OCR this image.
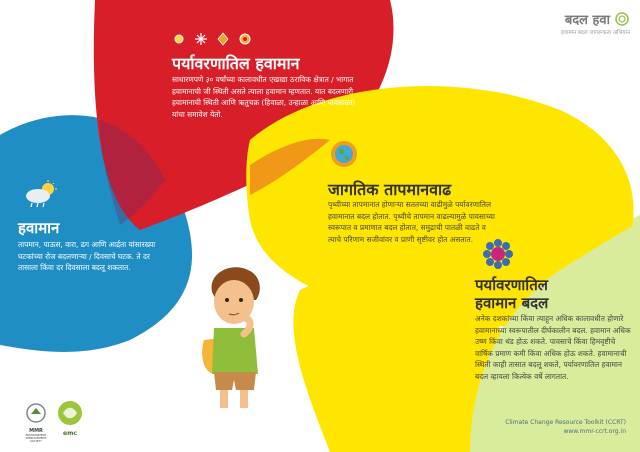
बदल हवा
हवामान बदल जागरूकता अभियान
पर्यावरणातिल हवामान
साधारणपणे ३० वर्षांच्या कालावधीत एखाद्या ठराविक क्षेत्रात / भागात हवामानाची जी स्थिती असते त्याला हवामान म्हणतात. यात बदलणारी हवामानाची स्थिती आणि ऋतुचक्र (हिवाळा, उन्हाळा आणि पावसाळा) यांचा समावेश येतो.
हवामान
तापमान, पाऊस, वारा, ढग आणि आर्द्रता यांसारख्या घटकांच्या रोज बदलणाऱ्या / दिवसाचे घटक. ते दर तासाला किंवा दर दिवसाला बदलू शकतात.
जागतिक तापमानवाढ
पृथ्वीच्या तापमानात होणाऱ्या सततच्या वाढीमुळे पर्यावरणातिल हवामानात बदल होतात. पृथ्वीचे तापमान वाढल्यामुळे पावसाच्या स्वरूपात व प्रमाणात बदल होतात, समुद्राची पातळी वाढते व त्याचे परिणाम सजीवांवर व प्राणी सृष्टीवर होत असतात.
पर्यावरणातिल
हवामान बदल
अनेक दशकांच्या किंवा त्याहून अधिक कालावधीत होणारे हवामानाच्या स्वरूपातील दीर्घकालीन बदल. हवामान अधिक उष्ण किंवा थंड होऊ शकते. पावसाचे किंवा हिमवृष्टीचे वार्षिक प्रमाण कमी किंवा अधिक होऊ शकते. हवामानाची स्थिती काही तासात बदलू शकते, पर्यावरणातिल हवामान बदल व्हायला कित्येक वर्षे लागतात.
MMR
ENVIRONMENT IMPROVEMENT SOCIETY
emc
Climate Change Resource Toolkit (CCRT)
www.mmr-ccrt.org.in
